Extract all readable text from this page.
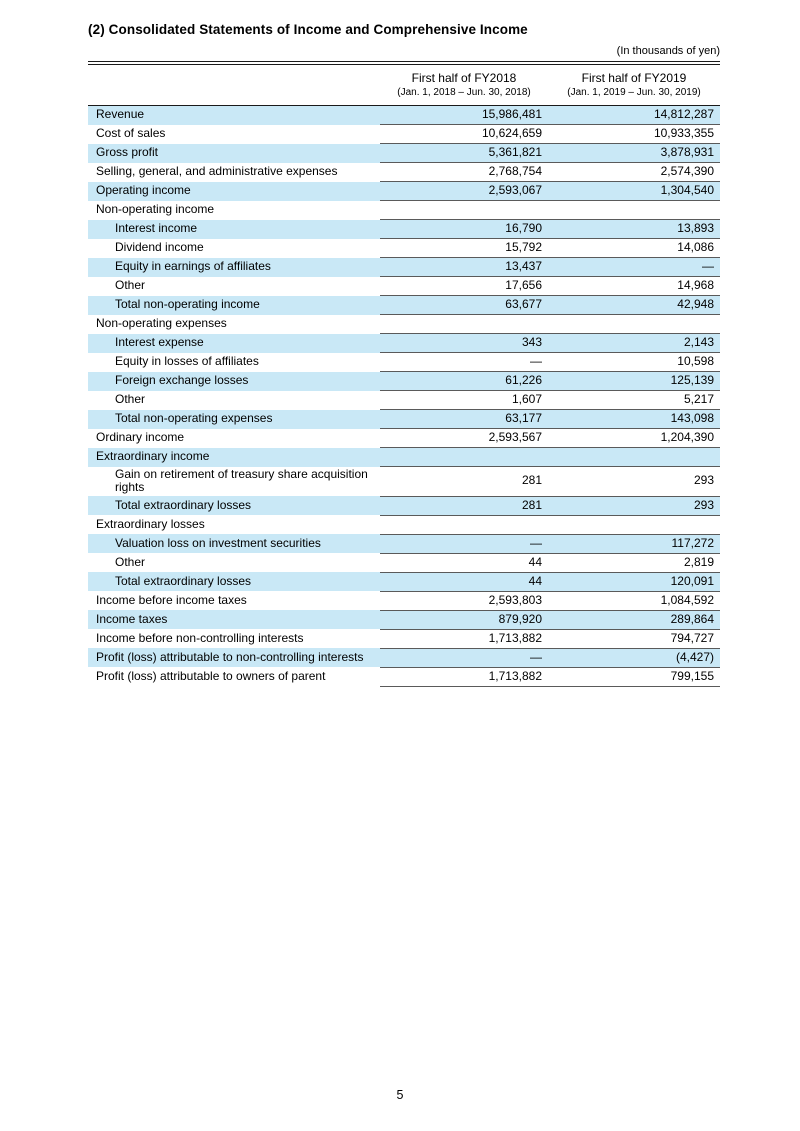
(2) Consolidated Statements of Income and Comprehensive Income
(In thousands of yen)

First half of FY2018
(Jan. 1, 2018 – Jun. 30, 2018)

First half of FY2019
(Jan. 1, 2019 – Jun. 30, 2019)

Revenue	15,986,481	14,812,287
Cost of sales	10,624,659	10,933,355
Gross profit	5,361,821	3,878,931
Selling, general, and administrative expenses	2,768,754	2,574,390
Operating income	2,593,067	1,304,540
Non-operating income		
Interest income	16,790	13,893
Dividend income	15,792	14,086
Equity in earnings of affiliates	13,437	—
Other	17,656	14,968
Total non-operating income	63,677	42,948
Non-operating expenses		
Interest expense	343	2,143
Equity in losses of affiliates	—	10,598
Foreign exchange losses	61,226	125,139
Other	1,607	5,217
Total non-operating expenses	63,177	143,098
Ordinary income	2,593,567	1,204,390
Extraordinary income		
Gain on retirement of treasury share acquisition rights	281	293
Total extraordinary losses	281	293
Extraordinary losses		
Valuation loss on investment securities	—	117,272
Other	44	2,819
Total extraordinary losses	44	120,091
Income before income taxes	2,593,803	1,084,592
Income taxes	879,920	289,864
Income before non-controlling interests	1,713,882	794,727
Profit (loss) attributable to non-controlling interests	—	(4,427)
Profit (loss) attributable to owners of parent	1,713,882	799,155
5
